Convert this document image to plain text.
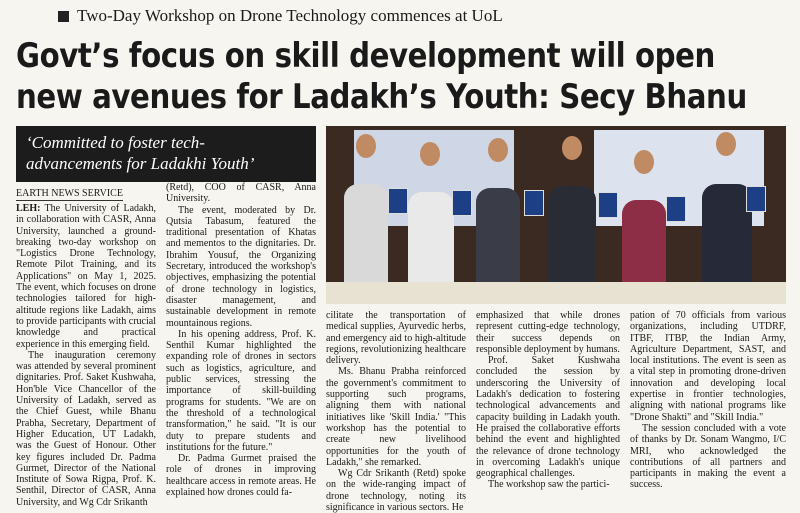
Two-Day Workshop on Drone Technology commences at UoL
Govt’s focus on skill development will open
new avenues for Ladakh’s Youth: Secy Bhanu
‘Committed to foster tech-
advancements for Ladakhi Youth’
EARTH NEWS SERVICE

LEH: The University of Ladakh, in collaboration with CASR, Anna University, launched a ground-breaking two-day workshop on "Logistics Drone Technology, Remote Pilot Training, and its Applications" on May 1, 2025. The event, which focuses on drone technologies tailored for high-altitude regions like Ladakh, aims to provide participants with crucial knowledge and practical experience in this emerging field.

The inauguration ceremony was attended by several prominent dignitaries. Prof. Saket Kushwaha, Hon'ble Vice Chancellor of the University of Ladakh, served as the Chief Guest, while Bhanu Prabha, Secretary, Department of Higher Education, UT Ladakh, was the Guest of Honour. Other key figures included Dr. Padma Gurmet, Director of the National Institute of Sowa Rigpa, Prof. K. Senthil, Director of CASR, Anna University, and Wg Cdr Srikanth

(Retd), COO of CASR, Anna University.

The event, moderated by Dr. Qutsia Tabasum, featured the traditional presentation of Khatas and mementos to the dignitaries. Dr. Ibrahim Yousuf, the Organizing Secretary, introduced the workshop's objectives, emphasizing the potential of drone technology in logistics, disaster management, and sustainable development in remote mountainous regions.

In his opening address, Prof. K. Senthil Kumar highlighted the expanding role of drones in sectors such as logistics, agriculture, and public services, stressing the importance of skill-building programs for students. "We are on the threshold of a technological transformation," he said. "It is our duty to prepare students and institutions for the future."

Dr. Padma Gurmet praised the role of drones in improving healthcare access in remote areas. He explained how drones could fa-

cilitate the transportation of medical supplies, Ayurvedic herbs, and emergency aid to high-altitude regions, revolutionizing healthcare delivery.

Ms. Bhanu Prabha reinforced the government's commitment to supporting such programs, aligning them with national initiatives like 'Skill India.' "This workshop has the potential to create new livelihood opportunities for the youth of Ladakh," she remarked.

Wg Cdr Srikanth (Retd) spoke on the wide-ranging impact of drone technology, noting its significance in various sectors. He

emphasized that while drones represent cutting-edge technology, their success depends on responsible deployment by humans.

Prof. Saket Kushwaha concluded the session by underscoring the University of Ladakh's dedication to fostering technological advancements and capacity building in Ladakh youth. He praised the collaborative efforts behind the event and highlighted the relevance of drone technology in overcoming Ladakh's unique geographical challenges.

The workshop saw the partici-

pation of 70 officials from various organizations, including UTDRF, ITBF, ITBP, the Indian Army, Agriculture Department, SAST, and local institutions. The event is seen as a vital step in promoting drone-driven innovation and developing local expertise in frontier technologies, aligning with national programs like "Drone Shakti" and "Skill India."

The session concluded with a vote of thanks by Dr. Sonam Wangmo, I/C MRI, who acknowledged the contributions of all partners and participants in making the event a success.
